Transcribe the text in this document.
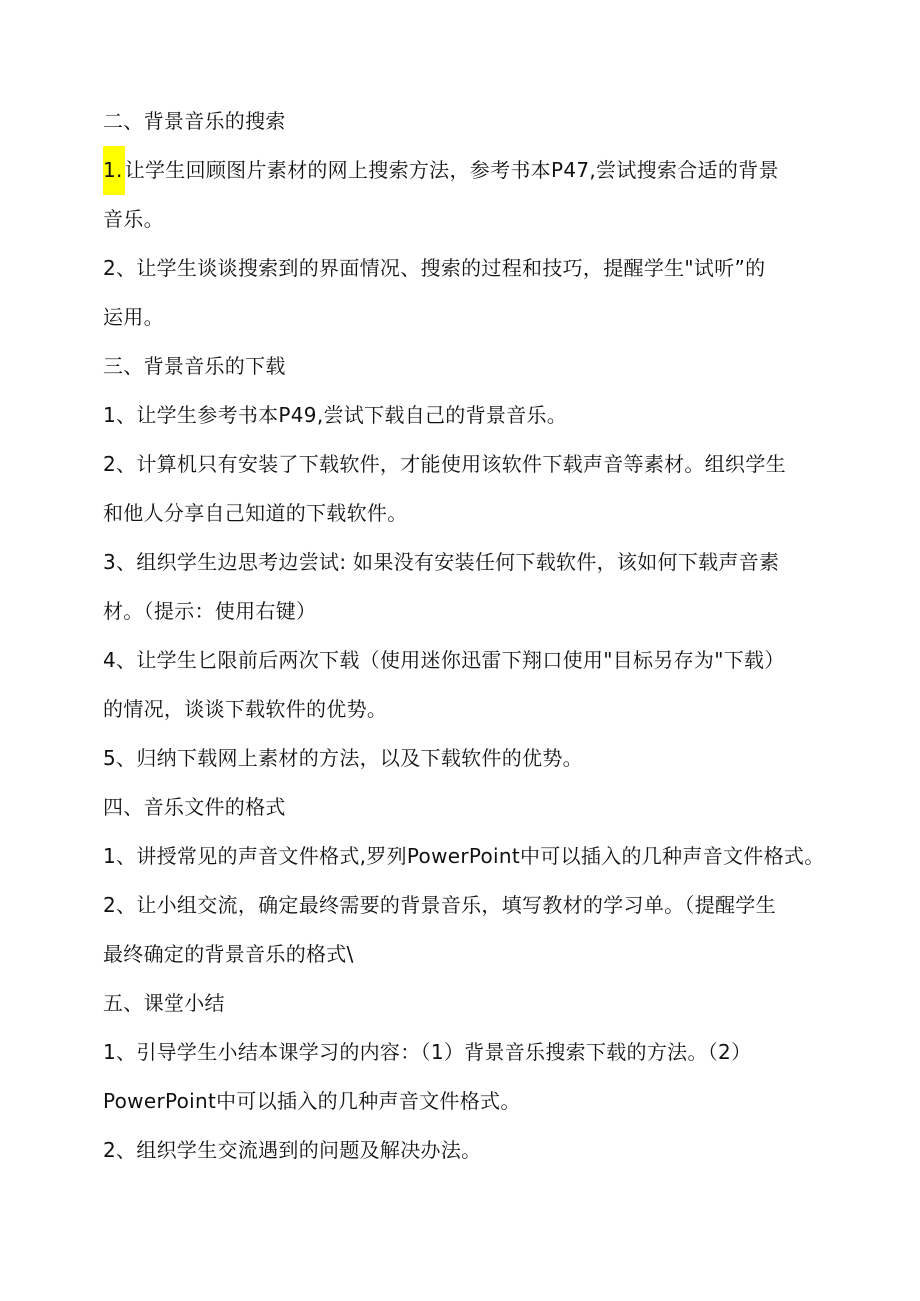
二、背景音乐的搜索

1. 让学生回顾图片素材的网上搜索方法，参考书本P47,尝试搜索合适的背景

音乐。

2、让学生谈谈搜索到的界面情况、搜索的过程和技巧，提醒学生"试听”的

运用。

三、背景音乐的下载

1、让学生参考书本P49,尝试下载自己的背景音乐。

2、计算机只有安装了下载软件，才能使用该软件下载声音等素材。组织学生

和他人分享自己知道的下载软件。

3、组织学生边思考边尝试: 如果没有安装任何下载软件，该如何下载声音素

材。（提示：使用右键）

4、让学生匕限前后两次下载（使用迷你迅雷下翔口使用"目标另存为"下载）

的情况，谈谈下载软件的优势。

5、归纳下载网上素材的方法，以及下载软件的优势。

四、音乐文件的格式

1、讲授常见的声音文件格式,罗列PowerPoint中可以插入的几种声音文件格式。

2、让小组交流，确定最终需要的背景音乐，填写教材的学习单。（提醒学生

最终确定的背景音乐的格式\

五、课堂小结

1、引导学生小结本课学习的内容：（1）背景音乐搜索下载的方法。（2）

PowerPoint中可以插入的几种声音文件格式。

2、组织学生交流遇到的问题及解决办法。
